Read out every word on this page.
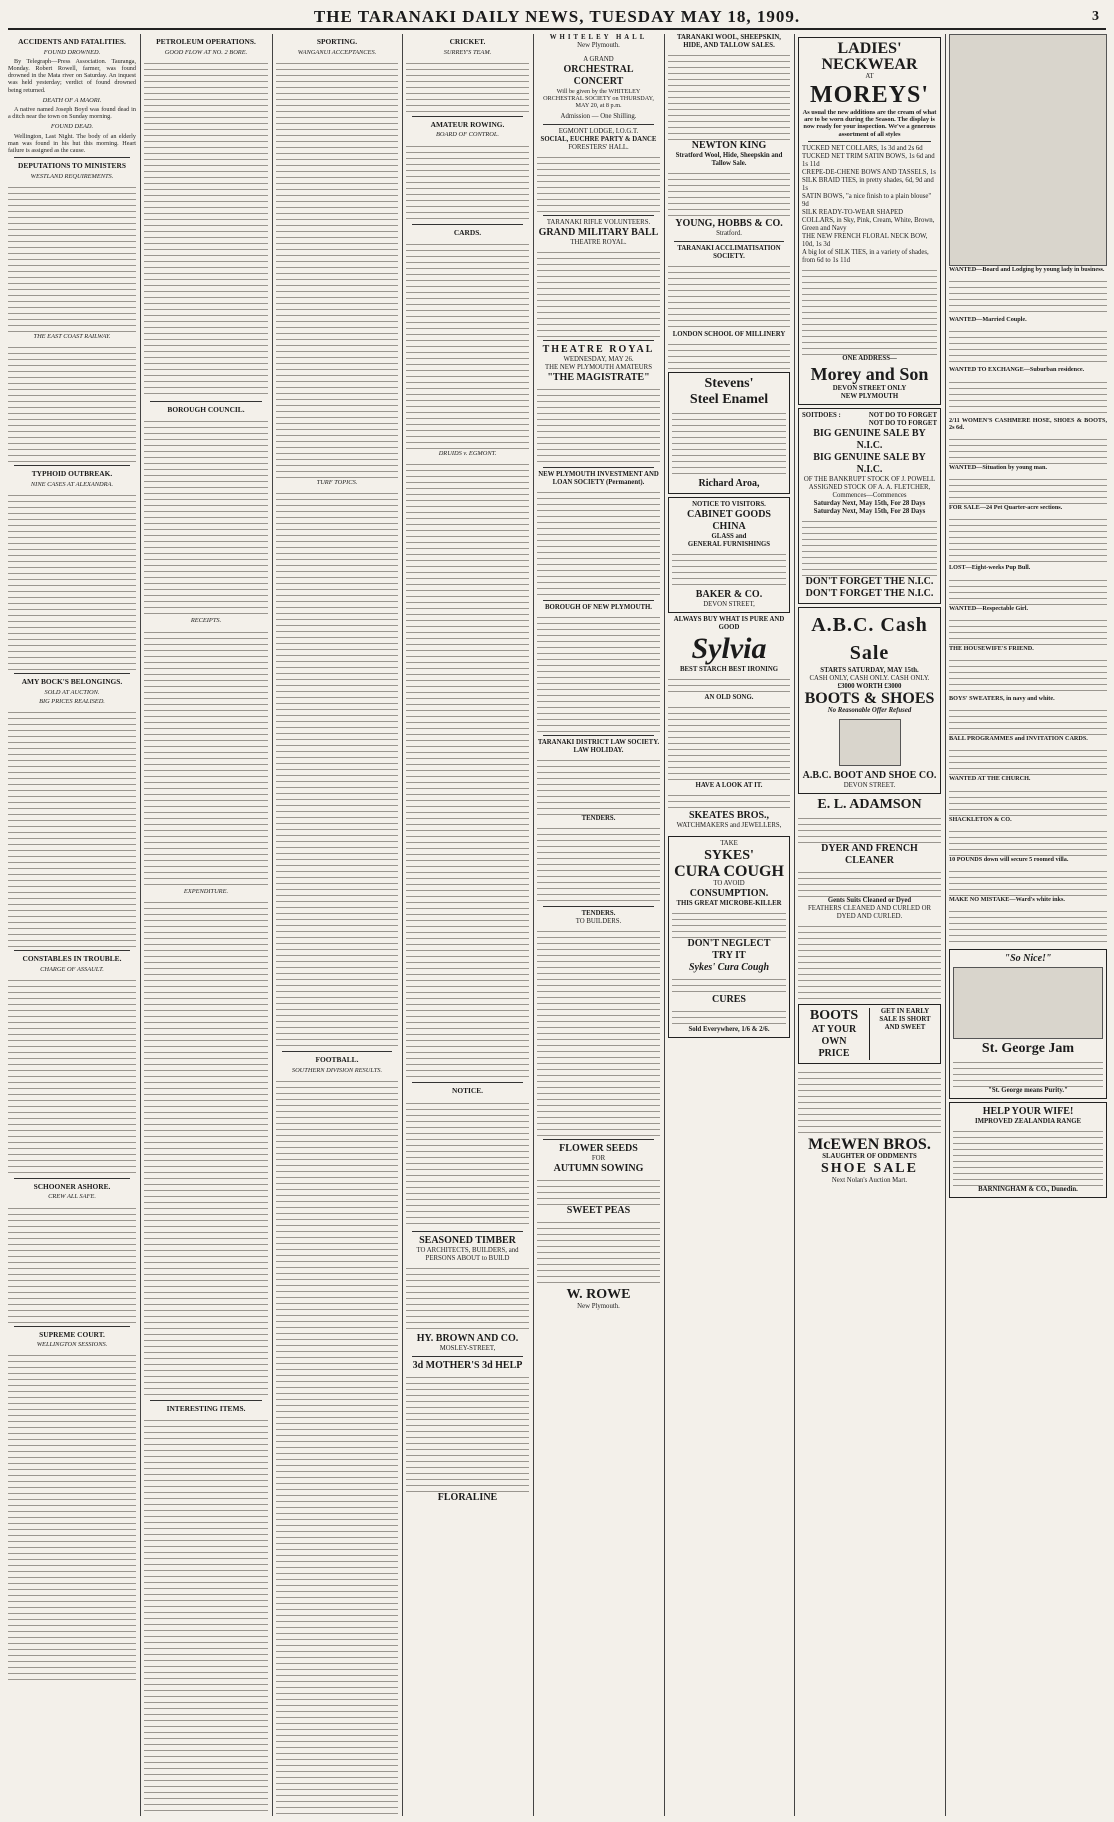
THE TARANAKI DAILY NEWS, TUESDAY MAY 18, 1909.	3
ACCIDENTS AND FATALITIES.
FOUND DROWNED.

By Telegraph—Press Association. Tauranga, Monday. Robert Rowell, farmer, was found drowned in the Mata river on Saturday. An inquest was held yesterday; verdict of found drowned being returned.

DEATH OF A MAORI.

A native named Joseph Boyd was found dead in a ditch near the town on Sunday morning.

FOUND DEAD.

Wellington, Last Night. The body of an elderly man was found in his hut this morning. Heart failure is assigned as the cause.

DEPUTATIONS TO MINISTERS
WESTLAND REQUIREMENTS.
THE EAST COAST RAILWAY.
TYPHOID OUTBREAK.
NINE CASES AT ALEXANDRA.
AMY BOCK'S BELONGINGS.
SOLD AT AUCTION.
BIG PRICES REALISED.
CONSTABLES IN TROUBLE.
CHARGE OF ASSAULT.
SCHOONER ASHORE.
CREW ALL SAFE.
SUPREME COURT.
WELLINGTON SESSIONS.
PETROLEUM OPERATIONS.
GOOD FLOW AT NO. 2 BORE.
BOROUGH COUNCIL.
RECEIPTS.
EXPENDITURE.
INTERESTING ITEMS.
SPORTING.
WANGANUI ACCEPTANCES.
TURF TOPICS.
FOOTBALL.
SOUTHERN DIVISION RESULTS.
CRICKET.
SURREY'S TEAM.
AMATEUR ROWING.
BOARD OF CONTROL.
CARDS.
DRUIDS v. EGMONT.
NOTICE.
SEASONED TIMBER
TO ARCHITECTS, BUILDERS, and PERSONS ABOUT to BUILD
HY. BROWN AND CO.
MOSLEY-STREET,
3d MOTHER'S 3d HELP
FLORALINE
WHITELEY HALL
New Plymouth.
A GRAND
ORCHESTRAL
CONCERT

Will be given by the WHITELEY ORCHESTRAL SOCIETY on THURSDAY, MAY 20, at 8 p.m.

Admission — One Shilling.
EGMONT LODGE, I.O.G.T.
SOCIAL, EUCHRE PARTY & DANCE
FORESTERS' HALL.
TARANAKI RIFLE VOLUNTEERS.
GRAND MILITARY BALL
THEATRE ROYAL.
THEATRE ROYAL
WEDNESDAY, MAY 26.
THE NEW PLYMOUTH AMATEURS
"THE MAGISTRATE"
NEW PLYMOUTH INVESTMENT AND LOAN SOCIETY (Permanent).
BOROUGH OF NEW PLYMOUTH.
TARANAKI DISTRICT LAW SOCIETY. LAW HOLIDAY.
TENDERS.
TENDERS.
TO BUILDERS.
FLOWER SEEDS
FOR
AUTUMN SOWING
SWEET PEAS
W. ROWE
New Plymouth.
TARANAKI WOOL, SHEEPSKIN, HIDE, AND TALLOW SALES.
NEWTON KING
Stratford Wool, Hide, Sheepskin and Tallow Sale.
YOUNG, HOBBS & CO.
Stratford.
TARANAKI ACCLIMATISATION SOCIETY.
LONDON SCHOOL OF MILLINERY
Stevens'
Steel Enamel
Richard Aroa,
NOTICE TO VISITORS.
CABINET GOODS
CHINA
GLASS and
GENERAL FURNISHINGS
BAKER & CO.
DEVON STREET,
ALWAYS BUY WHAT IS PURE AND GOOD
Sylvia
BEST STARCH BEST IRONING
AN OLD SONG.
HAVE A LOOK AT IT.
SKEATES BROS.,
WATCHMAKERS and JEWELLERS,
TAKE
SYKES'
CURA COUGH
TO AVOID
CONSUMPTION.
THIS GREAT MICROBE-KILLER
DON'T NEGLECT
TRY IT
Sykes' Cura Cough
CURES
Sold Everywhere, 1/6 & 2/6.
LADIES' NECKWEAR
AT
MOREYS'

As usual the new additions are the cream of what are to be worn during the Season. The display is now ready for your inspection. We've a generous assortment of all styles

TUCKED NET COLLARS, 1s 3d and 2s 6d
TUCKED NET TRIM SATIN BOWS, 1s 6d and 1s 11d
CREPE-DE-CHENE BOWS AND TASSELS, 1s
SILK BRAID TIES, in pretty shades, 6d, 9d and 1s
SATIN BOWS, "a nice finish to a plain blouse" 9d
SILK READY-TO-WEAR SHAPED COLLARS, in Sky, Pink, Cream, White, Brown, Green and Navy
THE NEW FRENCH FLORAL NECK BOW, 10d, 1s 3d
A big lot of SILK TIES, in a variety of shades, from 6d to 1s 11d
ONE ADDRESS—
Morey and Son
DEVON STREET ONLY
NEW PLYMOUTH
SOITDOES :	NOT DO TO FORGET
NOT DO TO FORGET
BIG GENUINE SALE BY N.I.C.
BIG GENUINE SALE BY N.I.C.
OF THE BANKRUPT STOCK OF J. POWELL
ASSIGNED STOCK OF A. A. FLETCHER,
Commences—Commences
Saturday Next, May 15th, For 28 Days
Saturday Next, May 15th, For 28 Days
DON'T FORGET THE N.I.C.
DON'T FORGET THE N.I.C.
A.B.C. Cash Sale
STARTS SATURDAY, MAY 15th.
CASH ONLY, CASH ONLY. CASH ONLY.
£3000 WORTH £3000
BOOTS & SHOES
No Reasonable Offer Refused
A.B.C. BOOT AND SHOE CO.
DEVON STREET.
E. L. ADAMSON
DYER AND FRENCH CLEANER
Gents Suits Cleaned or Dyed
FEATHERS CLEANED AND CURLED OR DYED AND CURLED.
BOOTS
AT YOUR
OWN
PRICE
GET IN EARLY
SALE IS SHORT AND SWEET
McEWEN BROS.
SLAUGHTER OF ODDMENTS
SHOE SALE
Next Nolan's Auction Mart.

WANTED—Board and Lodging by young lady in business.

WANTED—Married Couple.

WANTED TO EXCHANGE—Suburban residence.

2/11 WOMEN'S CASHMERE HOSE, SHOES & BOOTS, 2s 6d.

WANTED—Situation by young man.

FOR SALE—24 Pet Quarter-acre sections.

LOST—Eight-weeks Pup Bull.

WANTED—Respectable Girl.

THE HOUSEWIFE'S FRIEND.

BOYS' SWEATERS, in navy and white.

BALL PROGRAMMES and INVITATION CARDS.

WANTED AT THE CHURCH.

SHACKLETON & CO.

10 POUNDS down will secure 5 roomed villa.

MAKE NO MISTAKE—Ward's white inks.

"So Nice!"
St. George Jam
"St. George means Purity."
HELP YOUR WIFE!
IMPROVED ZEALANDIA RANGE
BARNINGHAM & CO., Dunedin.
